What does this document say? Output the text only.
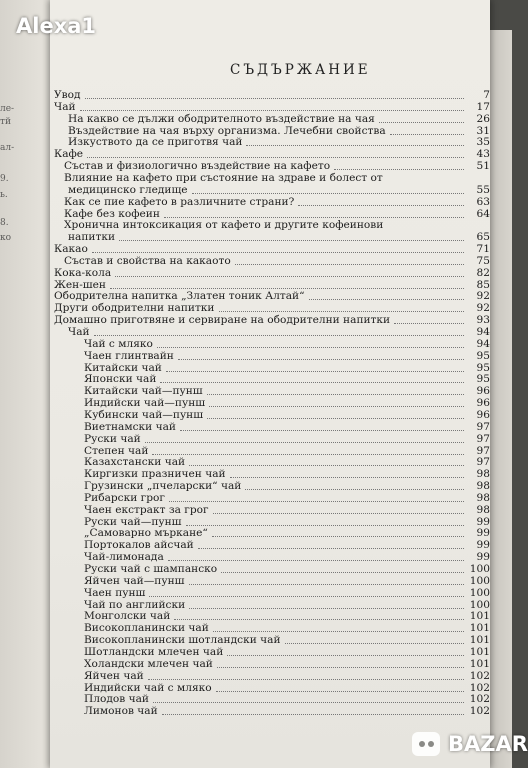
ле-
тй
ал-
9.
ь.
8.
ко
СЪДЪРЖАНИЕ
Увод	7
Чай	17
На какво се дължи ободрителното въздействие на чая	26
Въздействие на чая върху организма. Лечебни свойства	31
Изкуството да се приготвя чай	35
Кафе	43
Състав и физиологично въздействие на кафето	51
Влияние на кафето при състояние на здраве и болест от
медицинско гледище	55
Как се пие кафето в различните страни?	63
Кафе без кофеин	64
Хронична интоксикация от кафето и другите кофеинови
напитки	65
Какао	71
Състав и свойства на какаото	75
Кока-кола	82
Жен-шен	85
Ободрителна напитка „Златен тоник Алтай“	92
Други ободрителни напитки	92
Домашно приготвяне и сервиране на ободрителни напитки	93
Чай	94
Чай с мляко	94
Чаен глинтвайн	95
Китайски чай	95
Японски чай	95
Китайски чай—пунш	96
Индийски чай—пунш	96
Кубински чай—пунш	96
Виетнамски чай	97
Руски чай	97
Степен чай	97
Казахстански чай	97
Киргизки празничен чай	98
Грузински „пчеларски“ чай	98
Рибарски грог	98
Чаен екстракт за грог	98
Руски чай—пунш	99
„Самоварно мъркане“	99
Портокалов айсчай	99
Чай-лимонада	99
Руски чай с шампанско	100
Яйчен чай—пунш	100
Чаен пунш	100
Чай по английски	100
Монголски чай	101
Високопланински чай	101
Високопланински шотландски чай	101
Шотландски млечен чай	101
Холандски млечен чай	101
Яйчен чай	102
Индийски чай с мляко	102
Плодов чай	102
Лимонов чай	102
Alexa1
BAZAR
